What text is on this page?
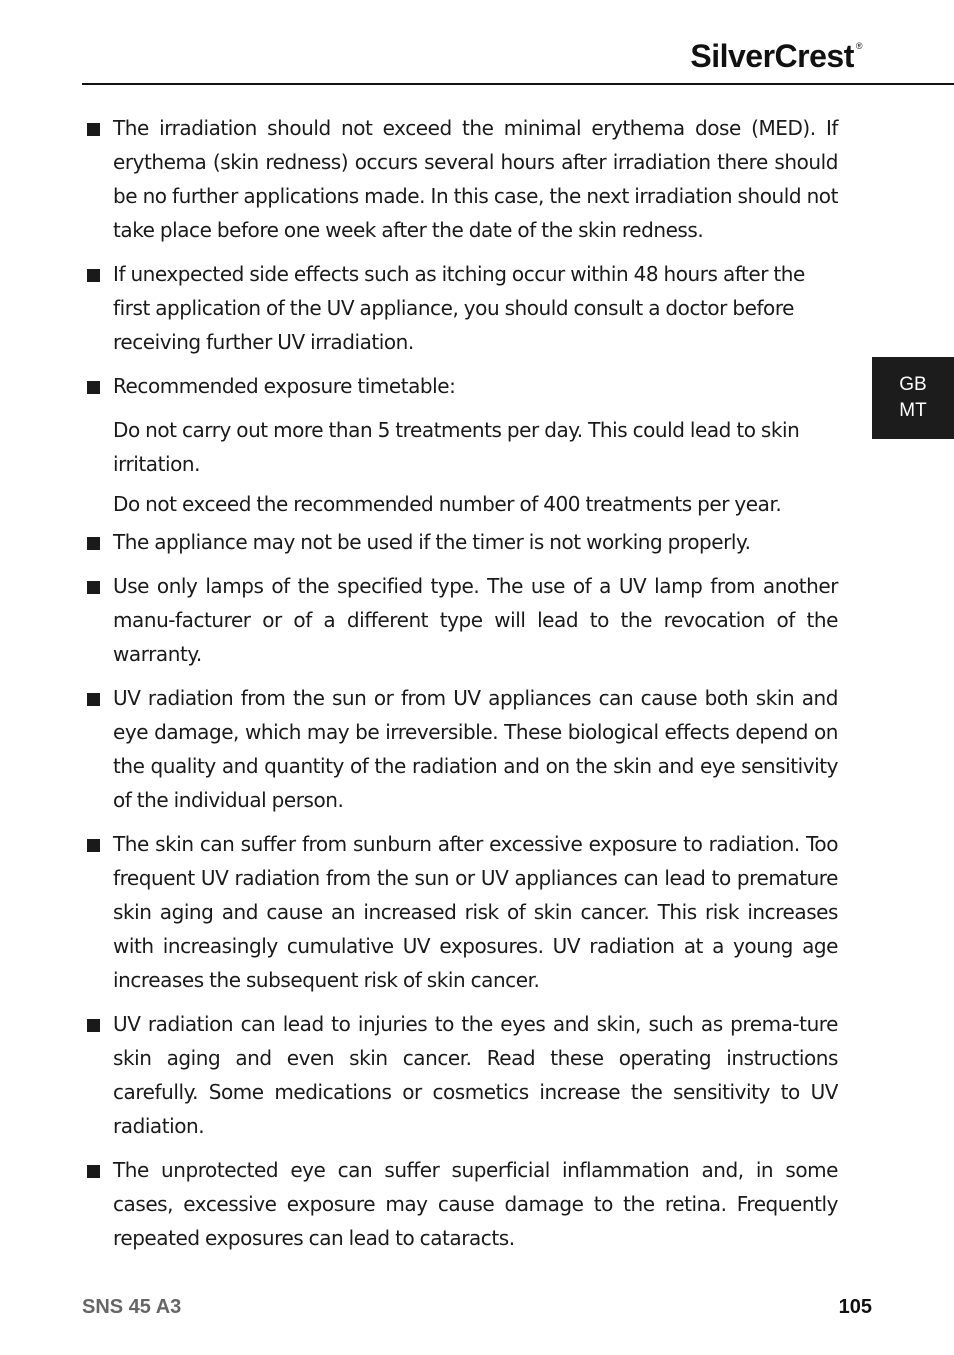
SilverCrest ®
GB
MT
The irradiation should not exceed the minimal erythema dose (MED). If erythema (skin redness) occurs several hours after irradiation there should be no further applications made. In this case, the next irradiation should not take place before one week after the date of the skin redness.
If unexpected side effects such as itching occur within 48 hours after the first application of the UV appliance, you should consult a doctor before receiving further UV irradiation.
Recommended exposure timetable:
Do not carry out more than 5 treatments per day. This could lead to skin irritation.
Do not exceed the recommended number of 400 treatments per year.
The appliance may not be used if the timer is not working properly.
Use only lamps of the specified type. The use of a UV lamp from another manu-facturer or of a different type will lead to the revocation of the warranty.
UV radiation from the sun or from UV appliances can cause both skin and eye damage, which may be irreversible. These biological effects depend on the quality and quantity of the radiation and on the skin and eye sensitivity of the individual person.
The skin can suffer from sunburn after excessive exposure to radiation. Too frequent UV radiation from the sun or UV appliances can lead to premature skin aging and cause an increased risk of skin cancer. This risk increases with increasingly cumulative UV exposures. UV radiation at a young age increases the subsequent risk of skin cancer.
UV radiation can lead to injuries to the eyes and skin, such as prema-ture skin aging and even skin cancer. Read these operating instructions carefully. Some medications or cosmetics increase the sensitivity to UV radiation.
The unprotected eye can suffer superficial inflammation and, in some cases, excessive exposure may cause damage to the retina. Frequently repeated exposures can lead to cataracts.
SNS 45 A3	105
